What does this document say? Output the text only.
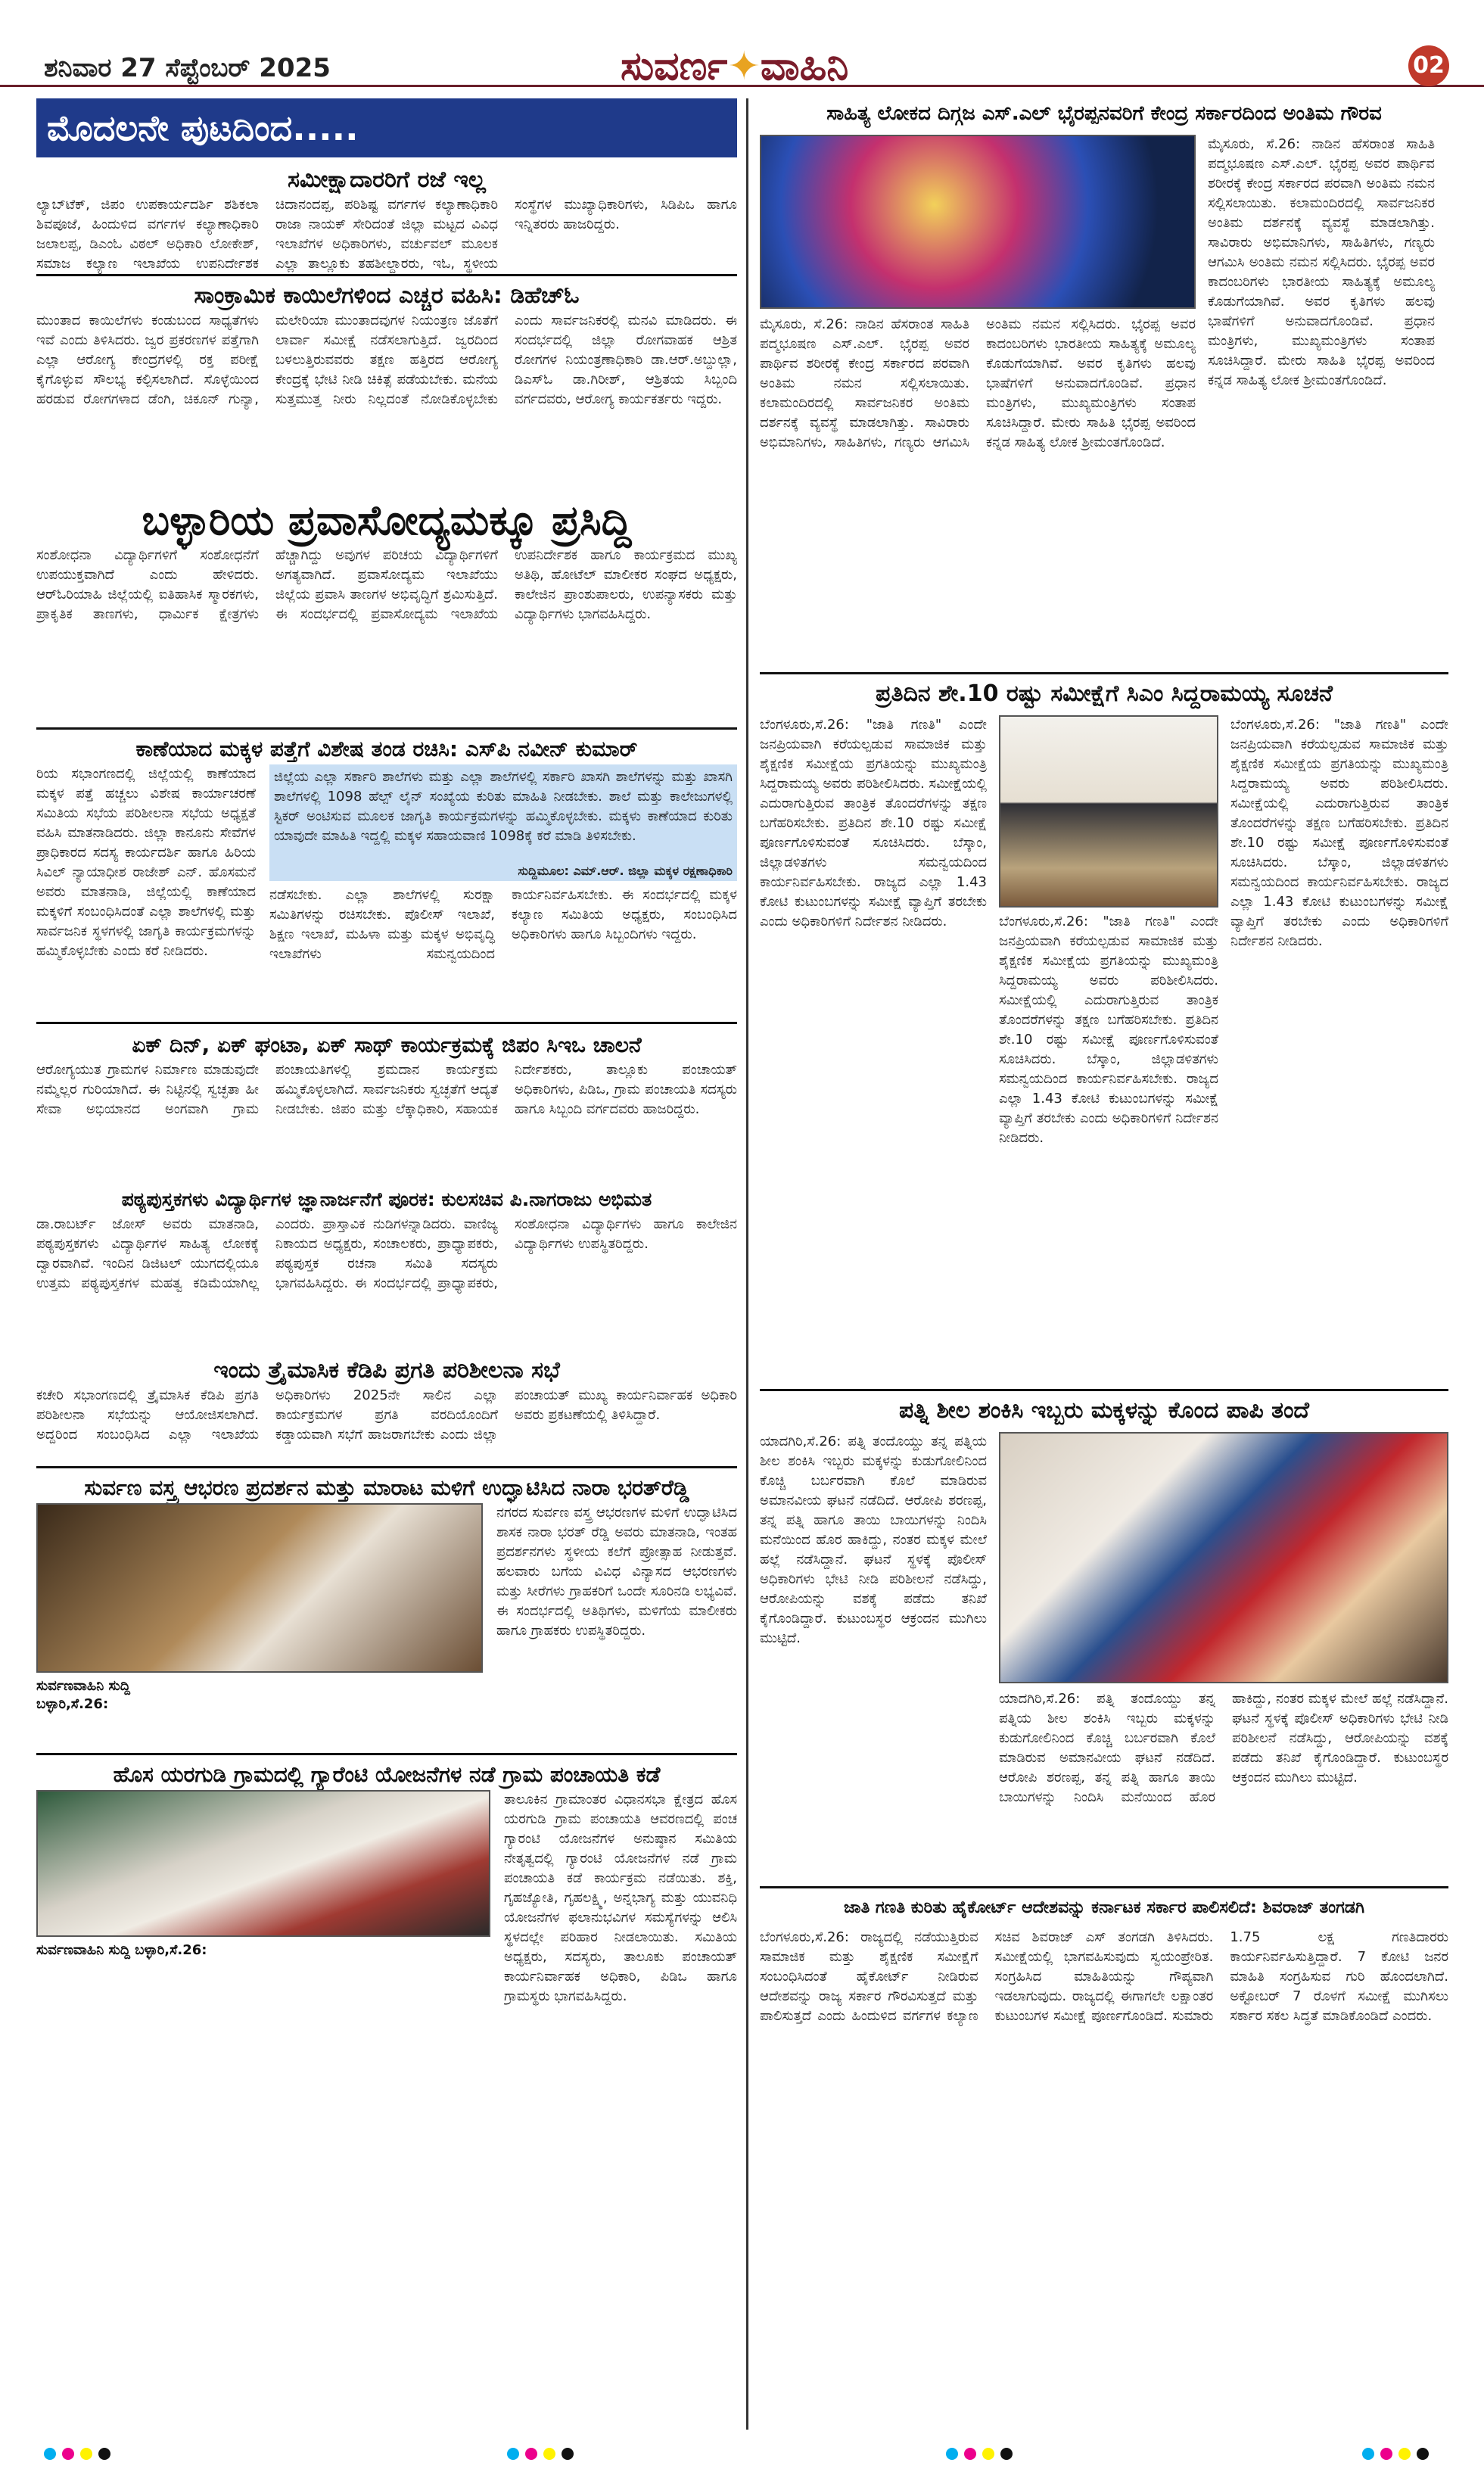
ಶನಿವಾರ 27 ಸೆಪ್ಟೆಂಬರ್ 2025	ಸುವರ್ಣ✦ವಾಹಿನಿ	02
ಮೊದಲನೇ ಪುಟದಿಂದ.....
ಸಮೀಕ್ಷಾದಾರರಿಗೆ ರಜೆ ಇಲ್ಲ
ಲ್ಯಾಬ್‌ಟೆಕ್, ಜಿಪಂ ಉಪಕಾರ್ಯದರ್ಶಿ ಶಶಿಕಲಾ ಶಿವಪೂಜೆ, ಹಿಂದುಳಿದ ವರ್ಗಗಳ ಕಲ್ಯಾಣಾಧಿಕಾರಿ ಜಲಾಲಪ್ಪ, ಡಿಎಂಓ ವಿಠಲ್ ಅಧಿಕಾರಿ ಲೋಕೇಶ್, ಸಮಾಜ ಕಲ್ಯಾಣ ಇಲಾಖೆಯ ಉಪನಿರ್ದೇಶಕ ಚಿದಾನಂದಪ್ಪ, ಪರಿಶಿಷ್ಟ ವರ್ಗಗಳ ಕಲ್ಯಾಣಾಧಿಕಾರಿ ರಾಜಾ ನಾಯಕ್ ಸೇರಿದಂತೆ ಜಿಲ್ಲಾ ಮಟ್ಟದ ವಿವಿಧ ಇಲಾಖೆಗಳ ಅಧಿಕಾರಿಗಳು, ವರ್ಚುವಲ್ ಮೂಲಕ ಎಲ್ಲಾ ತಾಲ್ಲೂಕು ತಹಶೀಲ್ದಾರರು, ಇಓ, ಸ್ಥಳೀಯ ಸಂಸ್ಥೆಗಳ ಮುಖ್ಯಾಧಿಕಾರಿಗಳು, ಸಿಡಿಪಿಒ ಹಾಗೂ ಇನ್ನಿತರರು ಹಾಜರಿದ್ದರು.
ಸಾಂಕ್ರಾಮಿಕ ಕಾಯಿಲೆಗಳಿಂದ ಎಚ್ಚರ ವಹಿಸಿ: ಡಿಹೆಚ್‌ಓ
ಮುಂತಾದ ಕಾಯಿಲೆಗಳು ಕಂಡುಬಂದ ಸಾಧ್ಯತೆಗಳು ಇವೆ ಎಂದು ತಿಳಿಸಿದರು. ಜ್ವರ ಪ್ರಕರಣಗಳ ಪತ್ತೆಗಾಗಿ ಎಲ್ಲಾ ಆರೋಗ್ಯ ಕೇಂದ್ರಗಳಲ್ಲಿ ರಕ್ತ ಪರೀಕ್ಷೆ ಕೈಗೊಳ್ಳುವ ಸೌಲಭ್ಯ ಕಲ್ಪಿಸಲಾಗಿದೆ. ಸೊಳ್ಳೆಯಿಂದ ಹರಡುವ ರೋಗಗಳಾದ ಡೆಂಗಿ, ಚಿಕೂನ್ ಗುನ್ಯಾ, ಮಲೇರಿಯಾ ಮುಂತಾದವುಗಳ ನಿಯಂತ್ರಣ ಜೊತೆಗೆ ಲಾರ್ವಾ ಸಮೀಕ್ಷೆ ನಡೆಸಲಾಗುತ್ತಿದೆ. ಜ್ವರದಿಂದ ಬಳಲುತ್ತಿರುವವರು ತಕ್ಷಣ ಹತ್ತಿರದ ಆರೋಗ್ಯ ಕೇಂದ್ರಕ್ಕೆ ಭೇಟಿ ನೀಡಿ ಚಿಕಿತ್ಸೆ ಪಡೆಯಬೇಕು. ಮನೆಯ ಸುತ್ತಮುತ್ತ ನೀರು ನಿಲ್ಲದಂತೆ ನೋಡಿಕೊಳ್ಳಬೇಕು ಎಂದು ಸಾರ್ವಜನಿಕರಲ್ಲಿ ಮನವಿ ಮಾಡಿದರು. ಈ ಸಂದರ್ಭದಲ್ಲಿ ಜಿಲ್ಲಾ ರೋಗವಾಹಕ ಆಶ್ರಿತ ರೋಗಗಳ ನಿಯಂತ್ರಣಾಧಿಕಾರಿ ಡಾ.ಆರ್.ಅಬ್ದುಲ್ಲಾ, ಡಿಎಸ್‌ಓ ಡಾ.ಗಿರೀಶ್, ಆಶ್ರಿತಯ ಸಿಬ್ಬಂದಿ ವರ್ಗದವರು, ಆರೋಗ್ಯ ಕಾರ್ಯಕರ್ತರು ಇದ್ದರು.
ಬಳ್ಳಾರಿಯ ಪ್ರವಾಸೋದ್ಯಮಕ್ಕೂ ಪ್ರಸಿದ್ದಿ
ಸಂಶೋಧನಾ ವಿದ್ಯಾರ್ಥಿಗಳಿಗೆ ಸಂಶೋಧನೆಗೆ ಉಪಯುಕ್ತವಾಗಿದೆ ಎಂದು ಹೇಳಿದರು. ಆರ್‌ಓರಿಯಾಹಿ ಜಿಲ್ಲೆಯಲ್ಲಿ ಐತಿಹಾಸಿಕ ಸ್ಮಾರಕಗಳು, ಪ್ರಾಕೃತಿಕ ತಾಣಗಳು, ಧಾರ್ಮಿಕ ಕ್ಷೇತ್ರಗಳು ಹೆಚ್ಚಾಗಿದ್ದು ಅವುಗಳ ಪರಿಚಯ ವಿದ್ಯಾರ್ಥಿಗಳಿಗೆ ಅಗತ್ಯವಾಗಿದೆ. ಪ್ರವಾಸೋದ್ಯಮ ಇಲಾಖೆಯು ಜಿಲ್ಲೆಯ ಪ್ರವಾಸಿ ತಾಣಗಳ ಅಭಿವೃದ್ಧಿಗೆ ಶ್ರಮಿಸುತ್ತಿದೆ. ಈ ಸಂದರ್ಭದಲ್ಲಿ ಪ್ರವಾಸೋದ್ಯಮ ಇಲಾಖೆಯ ಉಪನಿರ್ದೇಶಕ ಹಾಗೂ ಕಾರ್ಯಕ್ರಮದ ಮುಖ್ಯ ಅತಿಥಿ, ಹೋಟೆಲ್ ಮಾಲೀಕರ ಸಂಘದ ಅಧ್ಯಕ್ಷರು, ಕಾಲೇಜಿನ ಪ್ರಾಂಶುಪಾಲರು, ಉಪನ್ಯಾಸಕರು ಮತ್ತು ವಿದ್ಯಾರ್ಥಿಗಳು ಭಾಗವಹಿಸಿದ್ದರು.
ಕಾಣೆಯಾದ ಮಕ್ಕಳ ಪತ್ತೆಗೆ ವಿಶೇಷ ತಂಡ ರಚಿಸಿ: ಎಸ್‌ಪಿ ನವೀನ್ ಕುಮಾರ್
ರಿಯ ಸಭಾಂಗಣದಲ್ಲಿ ಜಿಲ್ಲೆಯಲ್ಲಿ ಕಾಣೆಯಾದ ಮಕ್ಕಳ ಪತ್ತೆ ಹಚ್ಚಲು ವಿಶೇಷ ಕಾರ್ಯಾಚರಣೆ ಸಮಿತಿಯ ಸಭೆಯ ಪರಿಶೀಲನಾ ಸಭೆಯ ಅಧ್ಯಕ್ಷತೆ ವಹಿಸಿ ಮಾತನಾಡಿದರು. ಜಿಲ್ಲಾ ಕಾನೂನು ಸೇವೆಗಳ ಪ್ರಾಧಿಕಾರದ ಸದಸ್ಯ ಕಾರ್ಯದರ್ಶಿ ಹಾಗೂ ಹಿರಿಯ ಸಿವಿಲ್ ನ್ಯಾಯಾಧೀಶ ರಾಜೇಶ್ ಎನ್. ಹೊಸಮನೆ ಅವರು ಮಾತನಾಡಿ, ಜಿಲ್ಲೆಯಲ್ಲಿ ಕಾಣೆಯಾದ ಮಕ್ಕಳಿಗೆ ಸಂಬಂಧಿಸಿದಂತೆ ಎಲ್ಲಾ ಶಾಲೆಗಳಲ್ಲಿ ಮತ್ತು ಸಾರ್ವಜನಿಕ ಸ್ಥಳಗಳಲ್ಲಿ ಜಾಗೃತಿ ಕಾರ್ಯಕ್ರಮಗಳನ್ನು ಹಮ್ಮಿಕೊಳ್ಳಬೇಕು ಎಂದು ಕರೆ ನೀಡಿದರು.
ಜಿಲ್ಲೆಯ ಎಲ್ಲಾ ಸರ್ಕಾರಿ ಶಾಲೆಗಳು ಮತ್ತು ಎಲ್ಲಾ ಶಾಲೆಗಳಲ್ಲಿ ಸರ್ಕಾರಿ ಖಾಸಗಿ ಶಾಲೆಗಳನ್ನು ಮತ್ತು ಖಾಸಗಿ ಶಾಲೆಗಳಲ್ಲಿ 1098 ಹೆಲ್ಪ್ ಲೈನ್ ಸಂಖ್ಯೆಯ ಕುರಿತು ಮಾಹಿತಿ ನೀಡಬೇಕು. ಶಾಲೆ ಮತ್ತು ಕಾಲೇಜುಗಳಲ್ಲಿ ಸ್ಟಿಕರ್ ಅಂಟಿಸುವ ಮೂಲಕ ಜಾಗೃತಿ ಕಾರ್ಯಕ್ರಮಗಳನ್ನು ಹಮ್ಮಿಕೊಳ್ಳಬೇಕು. ಮಕ್ಕಳು ಕಾಣೆಯಾದ ಕುರಿತು ಯಾವುದೇ ಮಾಹಿತಿ ಇದ್ದಲ್ಲಿ ಮಕ್ಕಳ ಸಹಾಯವಾಣಿ 1098ಕ್ಕೆ ಕರೆ ಮಾಡಿ ತಿಳಿಸಬೇಕು.
ಸುದ್ದಿಮೂಲ: ಎಮ್.ಆರ್. ಜಿಲ್ಲಾ ಮಕ್ಕಳ ರಕ್ಷಣಾಧಿಕಾರಿ
ನಡೆಸಬೇಕು. ಎಲ್ಲಾ ಶಾಲೆಗಳಲ್ಲಿ ಸುರಕ್ಷಾ ಸಮಿತಿಗಳನ್ನು ರಚಿಸಬೇಕು. ಪೊಲೀಸ್ ಇಲಾಖೆ, ಶಿಕ್ಷಣ ಇಲಾಖೆ, ಮಹಿಳಾ ಮತ್ತು ಮಕ್ಕಳ ಅಭಿವೃದ್ಧಿ ಇಲಾಖೆಗಳು ಸಮನ್ವಯದಿಂದ ಕಾರ್ಯನಿರ್ವಹಿಸಬೇಕು. ಈ ಸಂದರ್ಭದಲ್ಲಿ ಮಕ್ಕಳ ಕಲ್ಯಾಣ ಸಮಿತಿಯ ಅಧ್ಯಕ್ಷರು, ಸಂಬಂಧಿಸಿದ ಅಧಿಕಾರಿಗಳು ಹಾಗೂ ಸಿಬ್ಬಂದಿಗಳು ಇದ್ದರು.
ಏಕ್ ದಿನ್, ಏಕ್ ಘಂಟಾ, ಏಕ್ ಸಾಥ್ ಕಾರ್ಯಕ್ರಮಕ್ಕೆ ಜಿಪಂ ಸಿಇಒ ಚಾಲನೆ
ಆರೋಗ್ಯಯುತ ಗ್ರಾಮಗಳ ನಿರ್ಮಾಣ ಮಾಡುವುದೇ ನಮ್ಮೆಲ್ಲರ ಗುರಿಯಾಗಿದೆ. ಈ ನಿಟ್ಟಿನಲ್ಲಿ ಸ್ವಚ್ಛತಾ ಹೀ ಸೇವಾ ಅಭಿಯಾನದ ಅಂಗವಾಗಿ ಗ್ರಾಮ ಪಂಚಾಯತಿಗಳಲ್ಲಿ ಶ್ರಮದಾನ ಕಾರ್ಯಕ್ರಮ ಹಮ್ಮಿಕೊಳ್ಳಲಾಗಿದೆ. ಸಾರ್ವಜನಿಕರು ಸ್ವಚ್ಛತೆಗೆ ಆದ್ಯತೆ ನೀಡಬೇಕು. ಜಿಪಂ ಮತ್ತು ಲೆಕ್ಕಾಧಿಕಾರಿ, ಸಹಾಯಕ ನಿರ್ದೇಶಕರು, ತಾಲ್ಲೂಕು ಪಂಚಾಯತ್ ಅಧಿಕಾರಿಗಳು, ಪಿಡಿಒ, ಗ್ರಾಮ ಪಂಚಾಯತಿ ಸದಸ್ಯರು ಹಾಗೂ ಸಿಬ್ಬಂದಿ ವರ್ಗದವರು ಹಾಜರಿದ್ದರು.
ಪಠ್ಯಪುಸ್ತಕಗಳು ವಿದ್ಯಾರ್ಥಿಗಳ ಜ್ಞಾನಾರ್ಜನೆಗೆ ಪೂರಕ: ಕುಲಸಚಿವ ಪಿ.ನಾಗರಾಜು ಅಭಿಮತ
ಡಾ.ರಾಬರ್ಟ್ ಜೋಸ್ ಅವರು ಮಾತನಾಡಿ, ಪಠ್ಯಪುಸ್ತಕಗಳು ವಿದ್ಯಾರ್ಥಿಗಳ ಸಾಹಿತ್ಯ ಲೋಕಕ್ಕೆ ದ್ವಾರವಾಗಿವೆ. ಇಂದಿನ ಡಿಜಿಟಲ್ ಯುಗದಲ್ಲಿಯೂ ಉತ್ತಮ ಪಠ್ಯಪುಸ್ತಕಗಳ ಮಹತ್ವ ಕಡಿಮೆಯಾಗಿಲ್ಲ ಎಂದರು. ಪ್ರಾಸ್ತಾವಿಕ ನುಡಿಗಳನ್ನಾಡಿದರು. ವಾಣಿಜ್ಯ ನಿಕಾಯದ ಅಧ್ಯಕ್ಷರು, ಸಂಚಾಲಕರು, ಪ್ರಾಧ್ಯಾಪಕರು, ಪಠ್ಯಪುಸ್ತಕ ರಚನಾ ಸಮಿತಿ ಸದಸ್ಯರು ಭಾಗವಹಿಸಿದ್ದರು. ಈ ಸಂದರ್ಭದಲ್ಲಿ ಪ್ರಾಧ್ಯಾಪಕರು, ಸಂಶೋಧನಾ ವಿದ್ಯಾರ್ಥಿಗಳು ಹಾಗೂ ಕಾಲೇಜಿನ ವಿದ್ಯಾರ್ಥಿಗಳು ಉಪಸ್ಥಿತರಿದ್ದರು.
ಇಂದು ತ್ರೈಮಾಸಿಕ ಕೆಡಿಪಿ ಪ್ರಗತಿ ಪರಿಶೀಲನಾ ಸಭೆ
ಕಚೇರಿ ಸಭಾಂಗಣದಲ್ಲಿ ತ್ರೈಮಾಸಿಕ ಕೆಡಿಪಿ ಪ್ರಗತಿ ಪರಿಶೀಲನಾ ಸಭೆಯನ್ನು ಆಯೋಜಿಸಲಾಗಿದೆ. ಅದ್ದರಿಂದ ಸಂಬಂಧಿಸಿದ ಎಲ್ಲಾ ಇಲಾಖೆಯ ಅಧಿಕಾರಿಗಳು 2025ನೇ ಸಾಲಿನ ಎಲ್ಲಾ ಕಾರ್ಯಕ್ರಮಗಳ ಪ್ರಗತಿ ವರದಿಯೊಂದಿಗೆ ಕಡ್ಡಾಯವಾಗಿ ಸಭೆಗೆ ಹಾಜರಾಗಬೇಕು ಎಂದು ಜಿಲ್ಲಾ ಪಂಚಾಯತ್ ಮುಖ್ಯ ಕಾರ್ಯನಿರ್ವಾಹಕ ಅಧಿಕಾರಿ ಅವರು ಪ್ರಕಟಣೆಯಲ್ಲಿ ತಿಳಿಸಿದ್ದಾರೆ.
ಸುರ್ವಣ ವಸ್ತ್ರ ಆಭರಣ ಪ್ರದರ್ಶನ ಮತ್ತು ಮಾರಾಟ ಮಳಿಗೆ ಉದ್ಘಾಟಿಸಿದ ನಾರಾ ಭರತ್‌ರೆಡ್ಡಿ
ಸುರ್ವಣವಾಹಿನಿ ಸುದ್ದಿ ಬಳ್ಳಾರಿ,ಸೆ.26:
ನಗರದ ಸುರ್ವಣ ವಸ್ತ್ರ ಆಭರಣಗಳ ಮಳಿಗೆ ಉದ್ಘಾಟಿಸಿದ ಶಾಸಕ ನಾರಾ ಭರತ್ ರೆಡ್ಡಿ ಅವರು ಮಾತನಾಡಿ, ಇಂತಹ ಪ್ರದರ್ಶನಗಳು ಸ್ಥಳೀಯ ಕಲೆಗೆ ಪ್ರೋತ್ಸಾಹ ನೀಡುತ್ತವೆ. ಹಲವಾರು ಬಗೆಯ ವಿವಿಧ ವಿನ್ಯಾಸದ ಆಭರಣಗಳು ಮತ್ತು ಸೀರೆಗಳು ಗ್ರಾಹಕರಿಗೆ ಒಂದೇ ಸೂರಿನಡಿ ಲಭ್ಯವಿವೆ. ಈ ಸಂದರ್ಭದಲ್ಲಿ ಅತಿಥಿಗಳು, ಮಳಿಗೆಯ ಮಾಲೀಕರು ಹಾಗೂ ಗ್ರಾಹಕರು ಉಪಸ್ಥಿತರಿದ್ದರು.
ಹೊಸ ಯರಗುಡಿ ಗ್ರಾಮದಲ್ಲಿ ಗ್ಯಾರೆಂಟಿ ಯೋಜನೆಗಳ ನಡೆ ಗ್ರಾಮ ಪಂಚಾಯತಿ ಕಡೆ
ಸುರ್ವಣವಾಹಿನಿ ಸುದ್ದಿ ಬಳ್ಳಾರಿ,ಸೆ.26:
ತಾಲೂಕಿನ ಗ್ರಾಮಾಂತರ ವಿಧಾನಸಭಾ ಕ್ಷೇತ್ರದ ಹೊಸ ಯರಗುಡಿ ಗ್ರಾಮ ಪಂಚಾಯತಿ ಆವರಣದಲ್ಲಿ ಪಂಚ ಗ್ಯಾರಂಟಿ ಯೋಜನೆಗಳ ಅನುಷ್ಠಾನ ಸಮಿತಿಯ ನೇತೃತ್ವದಲ್ಲಿ ಗ್ಯಾರಂಟಿ ಯೋಜನೆಗಳ ನಡೆ ಗ್ರಾಮ ಪಂಚಾಯತಿ ಕಡೆ ಕಾರ್ಯಕ್ರಮ ನಡೆಯಿತು. ಶಕ್ತಿ, ಗೃಹಜ್ಯೋತಿ, ಗೃಹಲಕ್ಷ್ಮಿ, ಅನ್ನಭಾಗ್ಯ ಮತ್ತು ಯುವನಿಧಿ ಯೋಜನೆಗಳ ಫಲಾನುಭವಿಗಳ ಸಮಸ್ಯೆಗಳನ್ನು ಆಲಿಸಿ ಸ್ಥಳದಲ್ಲೇ ಪರಿಹಾರ ನೀಡಲಾಯಿತು. ಸಮಿತಿಯ ಅಧ್ಯಕ್ಷರು, ಸದಸ್ಯರು, ತಾಲೂಕು ಪಂಚಾಯತ್ ಕಾರ್ಯನಿರ್ವಾಹಕ ಅಧಿಕಾರಿ, ಪಿಡಿಒ ಹಾಗೂ ಗ್ರಾಮಸ್ಥರು ಭಾಗವಹಿಸಿದ್ದರು.
ಸಾಹಿತ್ಯ ಲೋಕದ ದಿಗ್ಗಜ ಎಸ್.ಎಲ್ ಭೈರಪ್ಪನವರಿಗೆ ಕೇಂದ್ರ ಸರ್ಕಾರದಿಂದ ಅಂತಿಮ ಗೌರವ
ಮೈಸೂರು, ಸೆ.26: ನಾಡಿನ ಹೆಸರಾಂತ ಸಾಹಿತಿ ಪದ್ಮಭೂಷಣ ಎಸ್.ಎಲ್. ಭೈರಪ್ಪ ಅವರ ಪಾರ್ಥಿವ ಶರೀರಕ್ಕೆ ಕೇಂದ್ರ ಸರ್ಕಾರದ ಪರವಾಗಿ ಅಂತಿಮ ನಮನ ಸಲ್ಲಿಸಲಾಯಿತು. ಕಲಾಮಂದಿರದಲ್ಲಿ ಸಾರ್ವಜನಿಕರ ಅಂತಿಮ ದರ್ಶನಕ್ಕೆ ವ್ಯವಸ್ಥೆ ಮಾಡಲಾಗಿತ್ತು. ಸಾವಿರಾರು ಅಭಿಮಾನಿಗಳು, ಸಾಹಿತಿಗಳು, ಗಣ್ಯರು ಆಗಮಿಸಿ ಅಂತಿಮ ನಮನ ಸಲ್ಲಿಸಿದರು. ಭೈರಪ್ಪ ಅವರ ಕಾದಂಬರಿಗಳು ಭಾರತೀಯ ಸಾಹಿತ್ಯಕ್ಕೆ ಅಮೂಲ್ಯ ಕೊಡುಗೆಯಾಗಿವೆ. ಅವರ ಕೃತಿಗಳು ಹಲವು ಭಾಷೆಗಳಿಗೆ ಅನುವಾದಗೊಂಡಿವೆ. ಪ್ರಧಾನ ಮಂತ್ರಿಗಳು, ಮುಖ್ಯಮಂತ್ರಿಗಳು ಸಂತಾಪ ಸೂಚಿಸಿದ್ದಾರೆ. ಮೇರು ಸಾಹಿತಿ ಭೈರಪ್ಪ ಅವರಿಂದ ಕನ್ನಡ ಸಾಹಿತ್ಯ ಲೋಕ ಶ್ರೀಮಂತಗೊಂಡಿದೆ.
ಮೈಸೂರು, ಸೆ.26: ನಾಡಿನ ಹೆಸರಾಂತ ಸಾಹಿತಿ ಪದ್ಮಭೂಷಣ ಎಸ್.ಎಲ್. ಭೈರಪ್ಪ ಅವರ ಪಾರ್ಥಿವ ಶರೀರಕ್ಕೆ ಕೇಂದ್ರ ಸರ್ಕಾರದ ಪರವಾಗಿ ಅಂತಿಮ ನಮನ ಸಲ್ಲಿಸಲಾಯಿತು. ಕಲಾಮಂದಿರದಲ್ಲಿ ಸಾರ್ವಜನಿಕರ ಅಂತಿಮ ದರ್ಶನಕ್ಕೆ ವ್ಯವಸ್ಥೆ ಮಾಡಲಾಗಿತ್ತು. ಸಾವಿರಾರು ಅಭಿಮಾನಿಗಳು, ಸಾಹಿತಿಗಳು, ಗಣ್ಯರು ಆಗಮಿಸಿ ಅಂತಿಮ ನಮನ ಸಲ್ಲಿಸಿದರು. ಭೈರಪ್ಪ ಅವರ ಕಾದಂಬರಿಗಳು ಭಾರತೀಯ ಸಾಹಿತ್ಯಕ್ಕೆ ಅಮೂಲ್ಯ ಕೊಡುಗೆಯಾಗಿವೆ. ಅವರ ಕೃತಿಗಳು ಹಲವು ಭಾಷೆಗಳಿಗೆ ಅನುವಾದಗೊಂಡಿವೆ. ಪ್ರಧಾನ ಮಂತ್ರಿಗಳು, ಮುಖ್ಯಮಂತ್ರಿಗಳು ಸಂತಾಪ ಸೂಚಿಸಿದ್ದಾರೆ. ಮೇರು ಸಾಹಿತಿ ಭೈರಪ್ಪ ಅವರಿಂದ ಕನ್ನಡ ಸಾಹಿತ್ಯ ಲೋಕ ಶ್ರೀಮಂತಗೊಂಡಿದೆ.
ಪ್ರತಿದಿನ ಶೇ.10 ರಷ್ಟು ಸಮೀಕ್ಷೆಗೆ ಸಿಎಂ ಸಿದ್ದರಾಮಯ್ಯ ಸೂಚನೆ
ಬೆಂಗಳೂರು,ಸೆ.26: "ಜಾತಿ ಗಣತಿ" ಎಂದೇ ಜನಪ್ರಿಯವಾಗಿ ಕರೆಯಲ್ಪಡುವ ಸಾಮಾಜಿಕ ಮತ್ತು ಶೈಕ್ಷಣಿಕ ಸಮೀಕ್ಷೆಯ ಪ್ರಗತಿಯನ್ನು ಮುಖ್ಯಮಂತ್ರಿ ಸಿದ್ದರಾಮಯ್ಯ ಅವರು ಪರಿಶೀಲಿಸಿದರು. ಸಮೀಕ್ಷೆಯಲ್ಲಿ ಎದುರಾಗುತ್ತಿರುವ ತಾಂತ್ರಿಕ ತೊಂದರೆಗಳನ್ನು ತಕ್ಷಣ ಬಗೆಹರಿಸಬೇಕು. ಪ್ರತಿದಿನ ಶೇ.10 ರಷ್ಟು ಸಮೀಕ್ಷೆ ಪೂರ್ಣಗೊಳಿಸುವಂತೆ ಸೂಚಿಸಿದರು. ಬೆಸ್ಕಾಂ, ಜಿಲ್ಲಾಡಳಿತಗಳು ಸಮನ್ವಯದಿಂದ ಕಾರ್ಯನಿರ್ವಹಿಸಬೇಕು. ರಾಜ್ಯದ ಎಲ್ಲಾ 1.43 ಕೋಟಿ ಕುಟುಂಬಗಳನ್ನು ಸಮೀಕ್ಷೆ ವ್ಯಾಪ್ತಿಗೆ ತರಬೇಕು ಎಂದು ಅಧಿಕಾರಿಗಳಿಗೆ ನಿರ್ದೇಶನ ನೀಡಿದರು.	ಬೆಂಗಳೂರು,ಸೆ.26: "ಜಾತಿ ಗಣತಿ" ಎಂದೇ ಜನಪ್ರಿಯವಾಗಿ ಕರೆಯಲ್ಪಡುವ ಸಾಮಾಜಿಕ ಮತ್ತು ಶೈಕ್ಷಣಿಕ ಸಮೀಕ್ಷೆಯ ಪ್ರಗತಿಯನ್ನು ಮುಖ್ಯಮಂತ್ರಿ ಸಿದ್ದರಾಮಯ್ಯ ಅವರು ಪರಿಶೀಲಿಸಿದರು. ಸಮೀಕ್ಷೆಯಲ್ಲಿ ಎದುರಾಗುತ್ತಿರುವ ತಾಂತ್ರಿಕ ತೊಂದರೆಗಳನ್ನು ತಕ್ಷಣ ಬಗೆಹರಿಸಬೇಕು. ಪ್ರತಿದಿನ ಶೇ.10 ರಷ್ಟು ಸಮೀಕ್ಷೆ ಪೂರ್ಣಗೊಳಿಸುವಂತೆ ಸೂಚಿಸಿದರು. ಬೆಸ್ಕಾಂ, ಜಿಲ್ಲಾಡಳಿತಗಳು ಸಮನ್ವಯದಿಂದ ಕಾರ್ಯನಿರ್ವಹಿಸಬೇಕು. ರಾಜ್ಯದ ಎಲ್ಲಾ 1.43 ಕೋಟಿ ಕುಟುಂಬಗಳನ್ನು ಸಮೀಕ್ಷೆ ವ್ಯಾಪ್ತಿಗೆ ತರಬೇಕು ಎಂದು ಅಧಿಕಾರಿಗಳಿಗೆ ನಿರ್ದೇಶನ ನೀಡಿದರು.
ಬೆಂಗಳೂರು,ಸೆ.26: "ಜಾತಿ ಗಣತಿ" ಎಂದೇ ಜನಪ್ರಿಯವಾಗಿ ಕರೆಯಲ್ಪಡುವ ಸಾಮಾಜಿಕ ಮತ್ತು ಶೈಕ್ಷಣಿಕ ಸಮೀಕ್ಷೆಯ ಪ್ರಗತಿಯನ್ನು ಮುಖ್ಯಮಂತ್ರಿ ಸಿದ್ದರಾಮಯ್ಯ ಅವರು ಪರಿಶೀಲಿಸಿದರು. ಸಮೀಕ್ಷೆಯಲ್ಲಿ ಎದುರಾಗುತ್ತಿರುವ ತಾಂತ್ರಿಕ ತೊಂದರೆಗಳನ್ನು ತಕ್ಷಣ ಬಗೆಹರಿಸಬೇಕು. ಪ್ರತಿದಿನ ಶೇ.10 ರಷ್ಟು ಸಮೀಕ್ಷೆ ಪೂರ್ಣಗೊಳಿಸುವಂತೆ ಸೂಚಿಸಿದರು. ಬೆಸ್ಕಾಂ, ಜಿಲ್ಲಾಡಳಿತಗಳು ಸಮನ್ವಯದಿಂದ ಕಾರ್ಯನಿರ್ವಹಿಸಬೇಕು. ರಾಜ್ಯದ ಎಲ್ಲಾ 1.43 ಕೋಟಿ ಕುಟುಂಬಗಳನ್ನು ಸಮೀಕ್ಷೆ ವ್ಯಾಪ್ತಿಗೆ ತರಬೇಕು ಎಂದು ಅಧಿಕಾರಿಗಳಿಗೆ ನಿರ್ದೇಶನ ನೀಡಿದರು.
ಪತ್ನಿ ಶೀಲ ಶಂಕಿಸಿ ಇಬ್ಬರು ಮಕ್ಕಳನ್ನು ಕೊಂದ ಪಾಪಿ ತಂದೆ
ಯಾದಗಿರಿ,ಸೆ.26: ಪತ್ನಿ ತಂದೊಯ್ದು ತನ್ನ ಪತ್ನಿಯ ಶೀಲ ಶಂಕಿಸಿ ಇಬ್ಬರು ಮಕ್ಕಳನ್ನು ಕುಡುಗೋಲಿನಿಂದ ಕೊಚ್ಚಿ ಬರ್ಬರವಾಗಿ ಕೊಲೆ ಮಾಡಿರುವ ಅಮಾನವೀಯ ಘಟನೆ ನಡೆದಿದೆ. ಆರೋಪಿ ಶರಣಪ್ಪ, ತನ್ನ ಪತ್ನಿ ಹಾಗೂ ತಾಯಿ ಬಾಯಿಗಳನ್ನು ನಿಂದಿಸಿ ಮನೆಯಿಂದ ಹೊರ ಹಾಕಿದ್ದು, ನಂತರ ಮಕ್ಕಳ ಮೇಲೆ ಹಲ್ಲೆ ನಡೆಸಿದ್ದಾನೆ. ಘಟನೆ ಸ್ಥಳಕ್ಕೆ ಪೊಲೀಸ್ ಅಧಿಕಾರಿಗಳು ಭೇಟಿ ನೀಡಿ ಪರಿಶೀಲನೆ ನಡೆಸಿದ್ದು, ಆರೋಪಿಯನ್ನು ವಶಕ್ಕೆ ಪಡೆದು ತನಿಖೆ ಕೈಗೊಂಡಿದ್ದಾರೆ. ಕುಟುಂಬಸ್ಥರ ಆಕ್ರಂದನ ಮುಗಿಲು ಮುಟ್ಟಿದೆ.
ಯಾದಗಿರಿ,ಸೆ.26: ಪತ್ನಿ ತಂದೊಯ್ದು ತನ್ನ ಪತ್ನಿಯ ಶೀಲ ಶಂಕಿಸಿ ಇಬ್ಬರು ಮಕ್ಕಳನ್ನು ಕುಡುಗೋಲಿನಿಂದ ಕೊಚ್ಚಿ ಬರ್ಬರವಾಗಿ ಕೊಲೆ ಮಾಡಿರುವ ಅಮಾನವೀಯ ಘಟನೆ ನಡೆದಿದೆ. ಆರೋಪಿ ಶರಣಪ್ಪ, ತನ್ನ ಪತ್ನಿ ಹಾಗೂ ತಾಯಿ ಬಾಯಿಗಳನ್ನು ನಿಂದಿಸಿ ಮನೆಯಿಂದ ಹೊರ ಹಾಕಿದ್ದು, ನಂತರ ಮಕ್ಕಳ ಮೇಲೆ ಹಲ್ಲೆ ನಡೆಸಿದ್ದಾನೆ. ಘಟನೆ ಸ್ಥಳಕ್ಕೆ ಪೊಲೀಸ್ ಅಧಿಕಾರಿಗಳು ಭೇಟಿ ನೀಡಿ ಪರಿಶೀಲನೆ ನಡೆಸಿದ್ದು, ಆರೋಪಿಯನ್ನು ವಶಕ್ಕೆ ಪಡೆದು ತನಿಖೆ ಕೈಗೊಂಡಿದ್ದಾರೆ. ಕುಟುಂಬಸ್ಥರ ಆಕ್ರಂದನ ಮುಗಿಲು ಮುಟ್ಟಿದೆ.
ಜಾತಿ ಗಣತಿ ಕುರಿತು ಹೈಕೋರ್ಟ್ ಆದೇಶವನ್ನು ಕರ್ನಾಟಕ ಸರ್ಕಾರ ಪಾಲಿಸಲಿದೆ: ಶಿವರಾಜ್ ತಂಗಡಗಿ
ಬೆಂಗಳೂರು,ಸೆ.26: ರಾಜ್ಯದಲ್ಲಿ ನಡೆಯುತ್ತಿರುವ ಸಾಮಾಜಿಕ ಮತ್ತು ಶೈಕ್ಷಣಿಕ ಸಮೀಕ್ಷೆಗೆ ಸಂಬಂಧಿಸಿದಂತೆ ಹೈಕೋರ್ಟ್ ನೀಡಿರುವ ಆದೇಶವನ್ನು ರಾಜ್ಯ ಸರ್ಕಾರ ಗೌರವಿಸುತ್ತದೆ ಮತ್ತು ಪಾಲಿಸುತ್ತದೆ ಎಂದು ಹಿಂದುಳಿದ ವರ್ಗಗಳ ಕಲ್ಯಾಣ ಸಚಿವ ಶಿವರಾಜ್ ಎಸ್ ತಂಗಡಗಿ ತಿಳಿಸಿದರು. ಸಮೀಕ್ಷೆಯಲ್ಲಿ ಭಾಗವಹಿಸುವುದು ಸ್ವಯಂಪ್ರೇರಿತ. ಸಂಗ್ರಹಿಸಿದ ಮಾಹಿತಿಯನ್ನು ಗೌಪ್ಯವಾಗಿ ಇಡಲಾಗುವುದು. ರಾಜ್ಯದಲ್ಲಿ ಈಗಾಗಲೇ ಲಕ್ಷಾಂತರ ಕುಟುಂಬಗಳ ಸಮೀಕ್ಷೆ ಪೂರ್ಣಗೊಂಡಿದೆ. ಸುಮಾರು 1.75 ಲಕ್ಷ ಗಣತಿದಾರರು ಕಾರ್ಯನಿರ್ವಹಿಸುತ್ತಿದ್ದಾರೆ. 7 ಕೋಟಿ ಜನರ ಮಾಹಿತಿ ಸಂಗ್ರಹಿಸುವ ಗುರಿ ಹೊಂದಲಾಗಿದೆ. ಅಕ್ಟೋಬರ್ 7 ರೊಳಗೆ ಸಮೀಕ್ಷೆ ಮುಗಿಸಲು ಸರ್ಕಾರ ಸಕಲ ಸಿದ್ಧತೆ ಮಾಡಿಕೊಂಡಿದೆ ಎಂದರು.
